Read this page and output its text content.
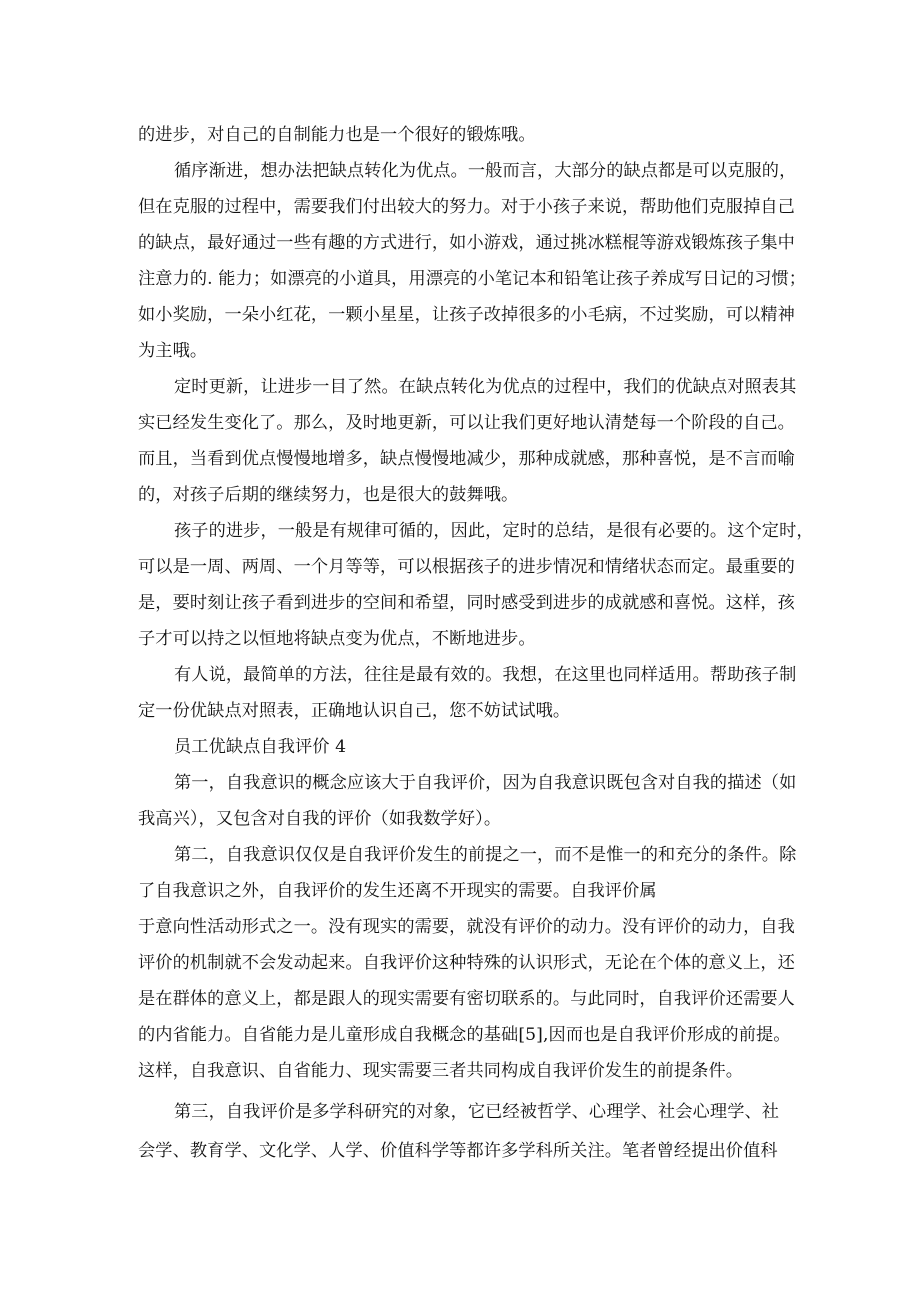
的进步，对自己的自制能力也是一个很好的锻炼哦。
循序渐进，想办法把缺点转化为优点。一般而言，大部分的缺点都是可以克服的，
但在克服的过程中，需要我们付出较大的努力。对于小孩子来说，帮助他们克服掉自己
的缺点，最好通过一些有趣的方式进行，如小游戏，通过挑冰糕棍等游戏锻炼孩子集中
注意力的. 能力；如漂亮的小道具，用漂亮的小笔记本和铅笔让孩子养成写日记的习惯；
如小奖励，一朵小红花，一颗小星星，让孩子改掉很多的小毛病，不过奖励，可以精神
为主哦。
定时更新，让进步一目了然。在缺点转化为优点的过程中，我们的优缺点对照表其
实已经发生变化了。那么，及时地更新，可以让我们更好地认清楚每一个阶段的自己。
而且，当看到优点慢慢地增多，缺点慢慢地减少，那种成就感，那种喜悦，是不言而喻
的，对孩子后期的继续努力，也是很大的鼓舞哦。
孩子的进步，一般是有规律可循的，因此，定时的总结，是很有必要的。这个定时，
可以是一周、两周、一个月等等，可以根据孩子的进步情况和情绪状态而定。最重要的
是，要时刻让孩子看到进步的空间和希望，同时感受到进步的成就感和喜悦。这样，孩
子才可以持之以恒地将缺点变为优点，不断地进步。
有人说，最简单的方法，往往是最有效的。我想，在这里也同样适用。帮助孩子制
定一份优缺点对照表，正确地认识自己，您不妨试试哦。
员工优缺点自我评价 4
第一，自我意识的概念应该大于自我评价，因为自我意识既包含对自我的描述（如
我高兴），又包含对自我的评价（如我数学好）。
第二，自我意识仅仅是自我评价发生的前提之一，而不是惟一的和充分的条件。除
了自我意识之外，自我评价的发生还离不开现实的需要。自我评价属
于意向性活动形式之一。没有现实的需要，就没有评价的动力。没有评价的动力，自我
评价的机制就不会发动起来。自我评价这种特殊的认识形式，无论在个体的意义上，还
是在群体的意义上，都是跟人的现实需要有密切联系的。与此同时，自我评价还需要人
的内省能力。自省能力是儿童形成自我概念的基础[5],因而也是自我评价形成的前提。
这样，自我意识、自省能力、现实需要三者共同构成自我评价发生的前提条件。
第三，自我评价是多学科研究的对象，它已经被哲学、心理学、社会心理学、社
会学、教育学、文化学、人学、价值科学等都许多学科所关注。笔者曾经提出价值科
